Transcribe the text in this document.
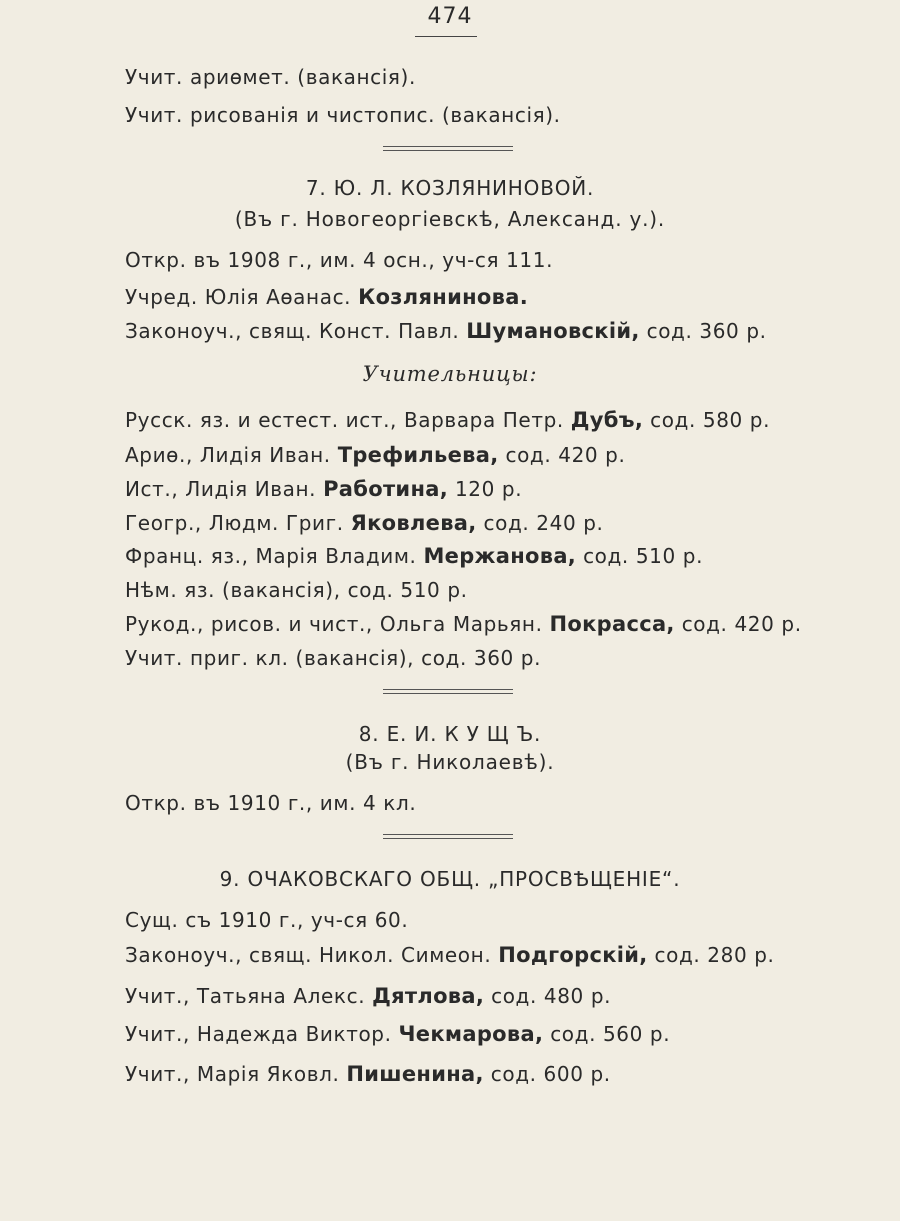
474
Учит. ариөмет. (вакансія).
Учит. рисованія и чистопис. (вакансія).
7. Ю. Л. КОЗЛЯНИНОВОЙ.
(Въ г. Новогеоргіевскѣ, Александ. у.).
Откр. въ 1908 г., им. 4 осн., уч-ся 111.
Учред. Юлія Аөанас. Козлянинова.
Законоуч., свящ. Конст. Павл. Шумановскій, сод. 360 р.
Учительницы:
Русск. яз. и естест. ист., Варвара Петр. Дубъ, сод. 580 р.
Ариө., Лидія Иван. Трефильева, сод. 420 р.
Ист., Лидія Иван. Работина, 120 р.
Геогр., Людм. Григ. Яковлева, сод. 240 р.
Франц. яз., Марія Владим. Мержанова, сод. 510 р.
Нѣм. яз. (вакансія), сод. 510 р.
Рукод., рисов. и чист., Ольга Марьян. Покрасса, сод. 420 р.
Учит. приг. кл. (вакансія), сод. 360 р.
8. Е. И. К У Щ Ъ.
(Въ г. Николаевѣ).
Откр. въ 1910 г., им. 4 кл.
9. ОЧАКОВСКАГО ОБЩ. „ПРОСВѢЩЕНІЕ“.
Сущ. съ 1910 г., уч-ся 60.
Законоуч., свящ. Никол. Симеон. Подгорскій, сод. 280 р.
Учит., Татьяна Алекс. Дятлова, сод. 480 р.
Учит., Надежда Виктор. Чекмарова, сод. 560 р.
Учит., Марія Яковл. Пишенина, сод. 600 р.
